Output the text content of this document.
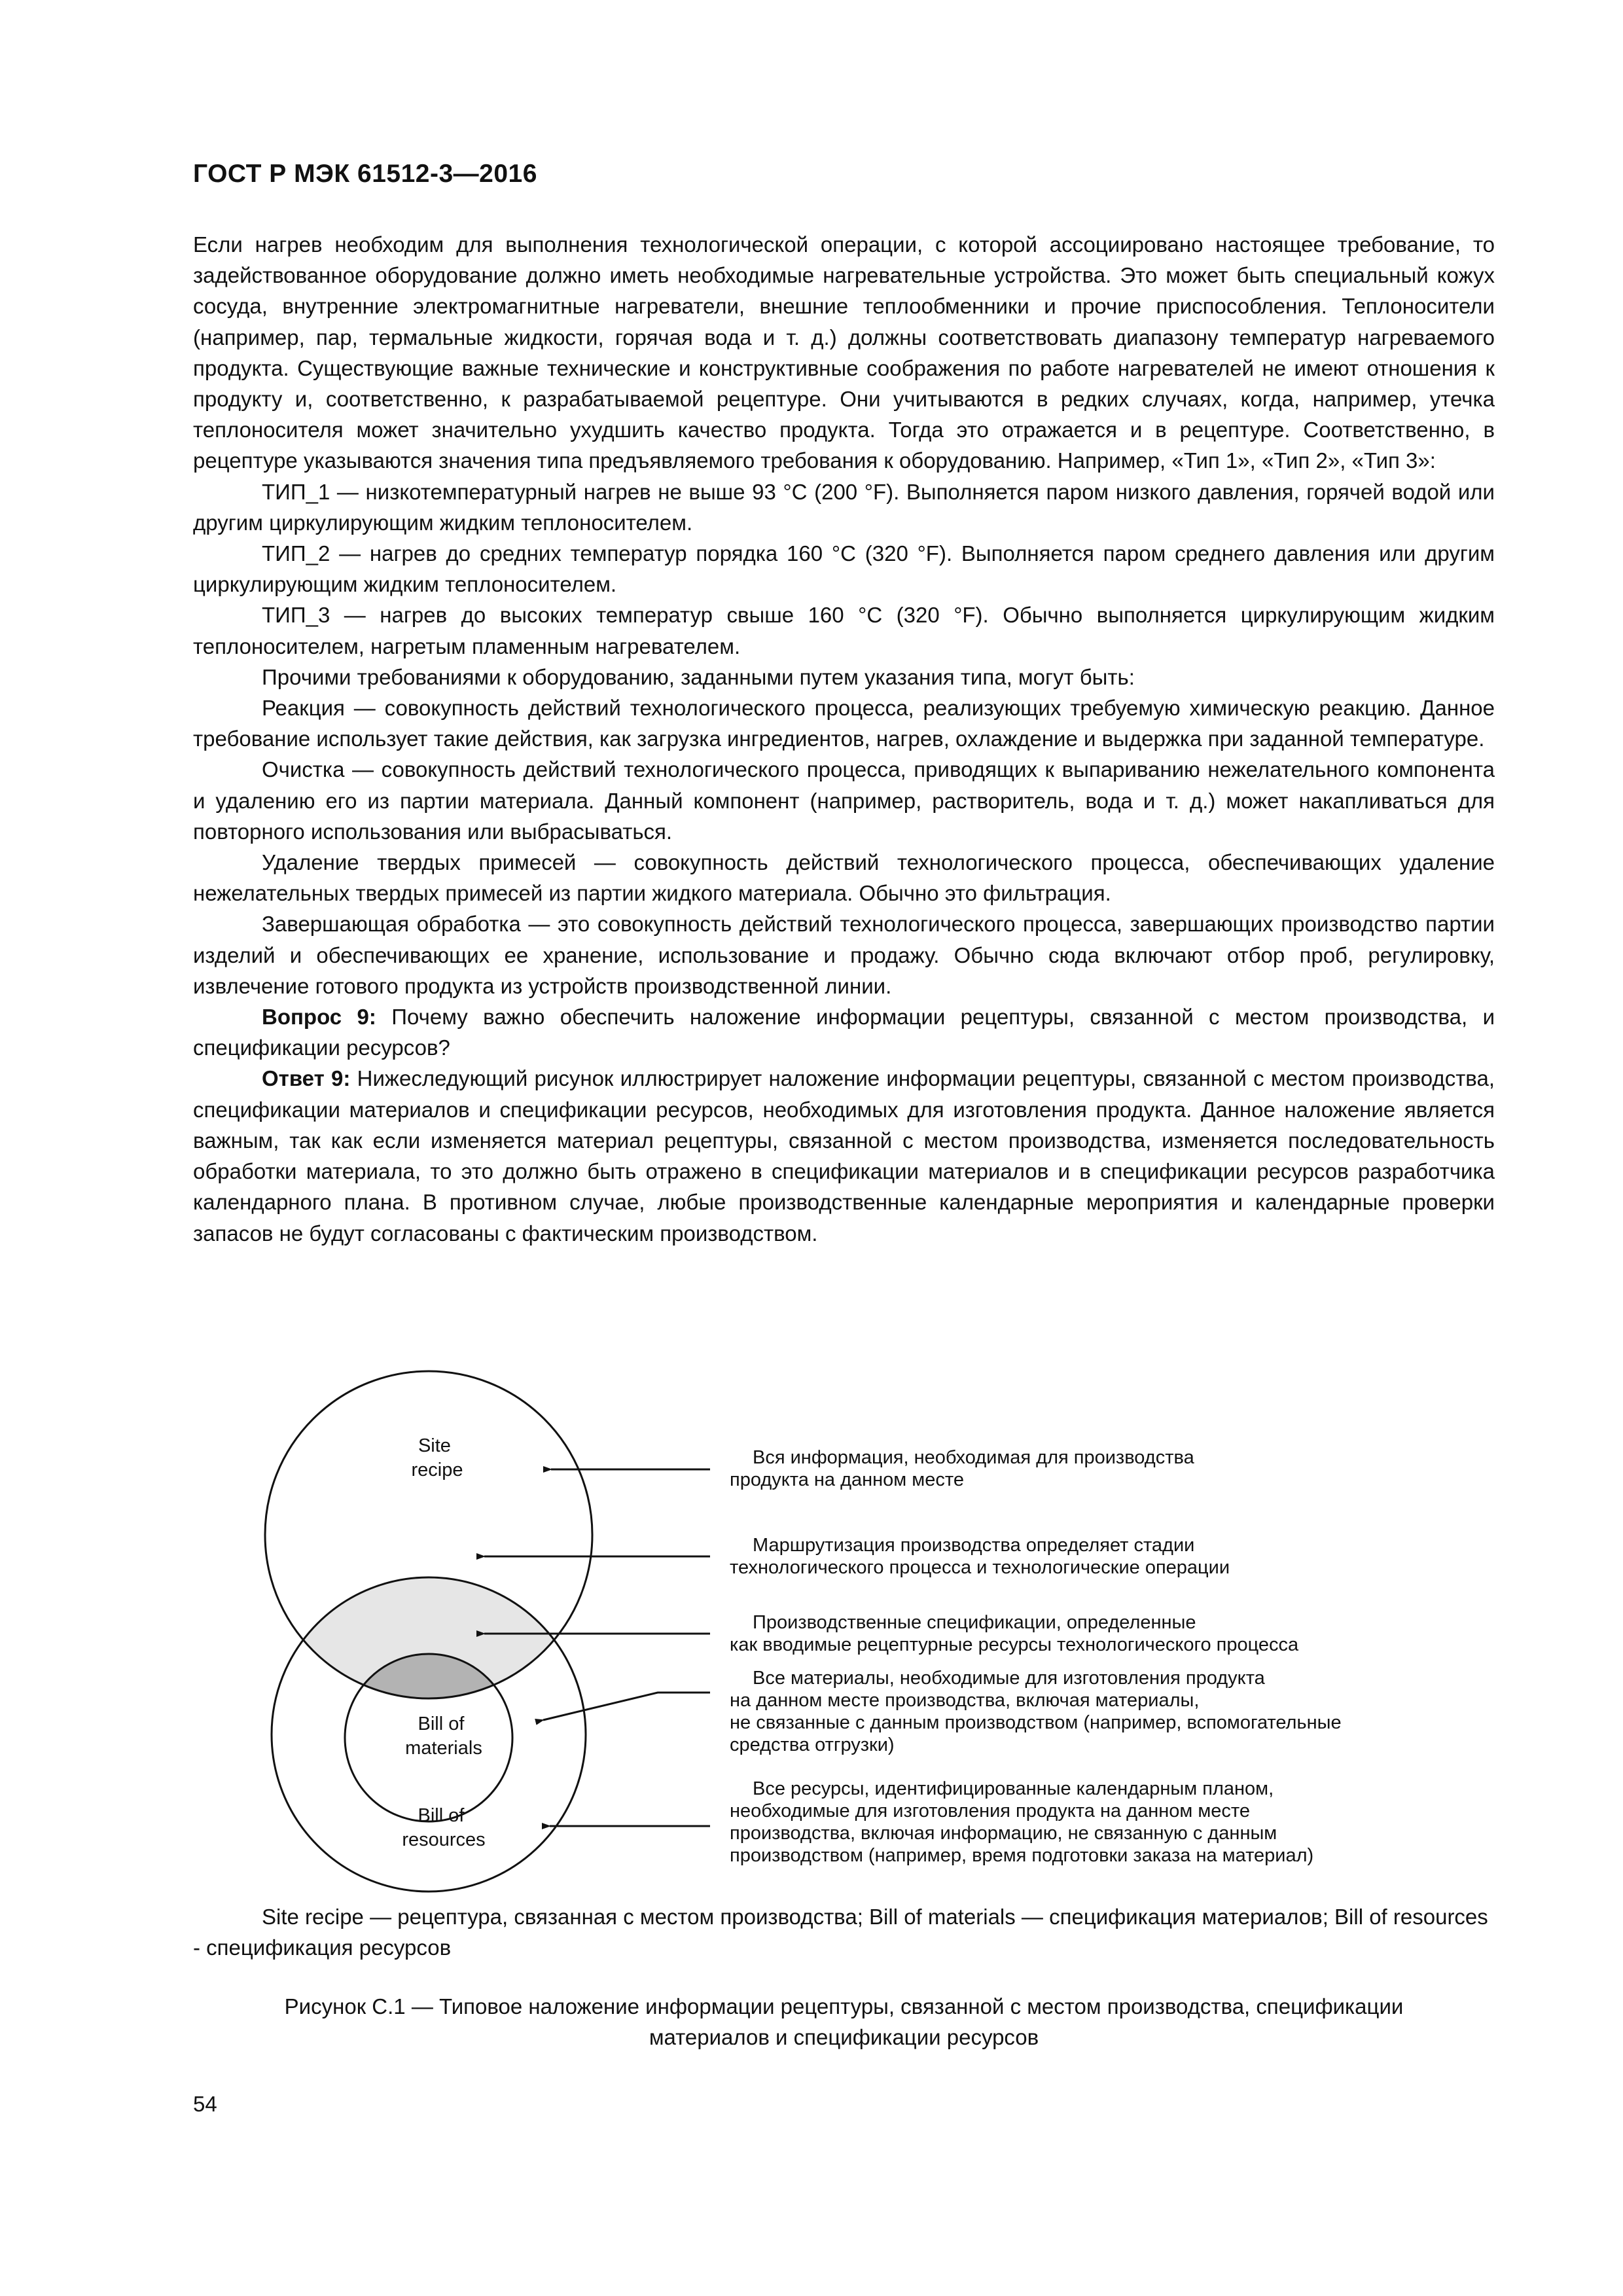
ГОСТ Р МЭК 61512-3—2016

Если нагрев необходим для выполнения технологической операции, с которой ассоциировано настоящее требование, то задействованное оборудование должно иметь необходимые нагревательные устройства. Это может быть специальный кожух сосуда, внутренние электромагнитные нагреватели, внешние теплообменники и прочие приспособления. Теплоносители (например, пар, термальные жидкости, горячая вода и т. д.) должны соответствовать диапазону температур нагреваемого продукта. Существующие важные технические и конструктивные соображения по работе нагревателей не имеют отношения к продукту и, соответственно, к разрабатываемой рецептуре. Они учитываются в редких случаях, когда, например, утечка теплоносителя может значительно ухудшить качество продукта. Тогда это отражается и в рецептуре. Соответственно, в рецептуре указываются значения типа предъявляемого требования к оборудованию. Например, «Тип 1», «Тип 2», «Тип 3»:

ТИП_1 — низкотемпературный нагрев не выше 93 °С (200 °F). Выполняется паром низкого давления, горячей водой или другим циркулирующим жидким теплоносителем.

ТИП_2 — нагрев до средних температур порядка 160 °С (320 °F). Выполняется паром среднего давления или другим циркулирующим жидким теплоносителем.

ТИП_3 — нагрев до высоких температур свыше 160 °С (320 °F). Обычно выполняется циркулирующим жидким теплоносителем, нагретым пламенным нагревателем.

Прочими требованиями к оборудованию, заданными путем указания типа, могут быть:

Реакция — совокупность действий технологического процесса, реализующих требуемую химическую реакцию. Данное требование использует такие действия, как загрузка ингредиентов, нагрев, охлаждение и выдержка при заданной температуре.

Очистка — совокупность действий технологического процесса, приводящих к выпариванию нежелательного компонента и удалению его из партии материала. Данный компонент (например, растворитель, вода и т. д.) может накапливаться для повторного использования или выбрасываться.

Удаление твердых примесей — совокупность действий технологического процесса, обеспечивающих удаление нежелательных твердых примесей из партии жидкого материала. Обычно это фильтрация.

Завершающая обработка — это совокупность действий технологического процесса, завершающих производство партии изделий и обеспечивающих ее хранение, использование и продажу. Обычно сюда включают отбор проб, регулировку, извлечение готового продукта из устройств производственной линии.

Вопрос 9: Почему важно обеспечить наложение информации рецептуры, связанной с местом производства, и спецификации ресурсов?

Ответ 9: Нижеследующий рисунок иллюстрирует наложение информации рецептуры, связанной с местом производства, спецификации материалов и спецификации ресурсов, необходимых для изготовления продукта. Данное наложение является важным, так как если изменяется материал рецептуры, связанной с местом производства, изменяется последовательность обработки материала, то это должно быть отражено в спецификации материалов и в спецификации ресурсов разработчика календарного плана. В противном случае, любые производственные календарные мероприятия и календарные проверки запасов не будут согласованы с фактическим производством.

Site recipe
Bill of materials
Bill of resources
Вся информация, необходимая для производства продукта на данном месте
Маршрутизация производства определяет стадии технологического процесса и технологические операции
Производственные спецификации, определенные как вводимые рецептурные ресурсы технологического процесса
Все материалы, необходимые для изготовления продукта на данном месте производства, включая материалы, не связанные с данным производством (например, вспомогательные средства отгрузки)
Все ресурсы, идентифицированные календарным планом, необходимые для изготовления продукта на данном месте производства, включая информацию, не связанную с данным производством (например, время подготовки заказа на материал)

Site recipe — рецептура, связанная с местом производства; Bill of materials — спецификация материалов; Bill of resources - спецификация ресурсов

Рисунок С.1 — Типовое наложение информации рецептуры, связанной с местом производства, спецификации
материалов и спецификации ресурсов

54
